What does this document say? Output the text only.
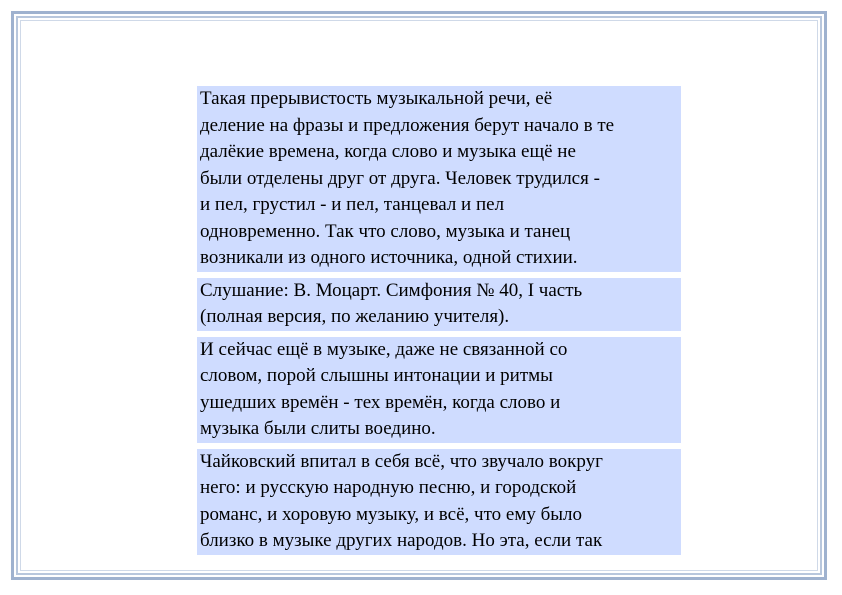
Такая прерывистость музыкальной речи, её
деление на фразы и предложения берут начало в те
далёкие времена, когда слово и музыка ещё не
были отделены друг от друга. Человек трудился -
и пел, грустил - и пел, танцевал и пел
одновременно. Так что слово, музыка и танец
возникали из одного источника, одной стихии.
Слушание: В. Моцарт. Симфония № 40, I часть
(полная версия, по желанию учителя).
И сейчас ещё в музыке, даже не связанной со
словом, порой слышны интонации и ритмы
ушедших времён - тех времён, когда слово и
музыка были слиты воедино.
Чайковский впитал в себя всё, что звучало вокруг
него: и русскую народную песню, и городской
романс, и хоровую музыку, и всё, что ему было
близко в музыке других народов. Но эта, если так
